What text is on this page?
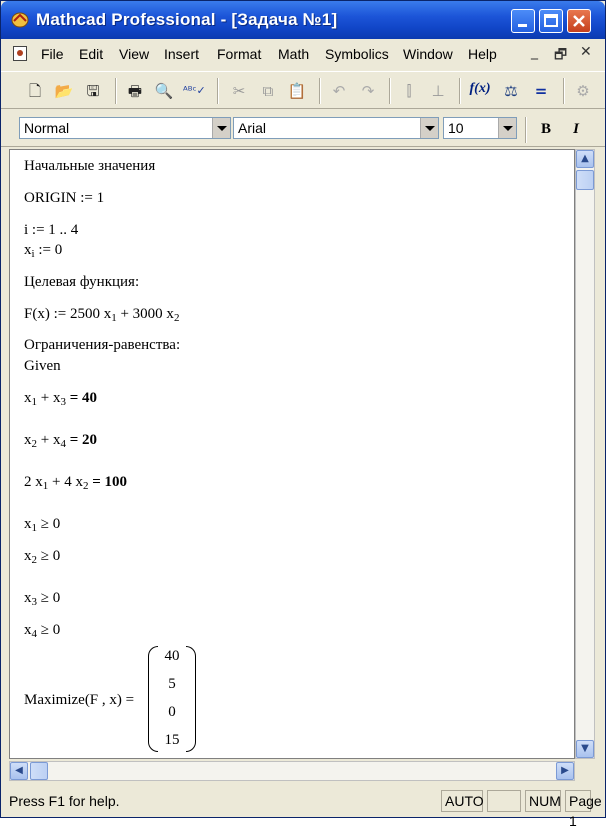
Mathcad Professional - [Задача №1]
File Edit View Insert Format Math Symbolics Window Help _ 🗗 ✕
🗋 📂 🖫 🖶 🔍 ᴬᴮᶜ✓ ✂	⧉ 📋 ↶ ↷	⫿	⊥ f(x) ⚖ = ⚙
Normal	Arial	10	B	I
Начальные значения
ORIGIN := 1
i := 1 .. 4
$x_i$ := 0
Целевая функция:
F(x) := 2500 $x_1 + 3000$ $x_2$
Ограничения-равенства:
Given
$x_1 + x_3 = 40$
$x_2 + x_4 = 20$
2 $x_1 + 4$ $x_2 = 100$
$x_1 \ge 0$
$x_2 \ge 0$
$x_3 \ge 0$
$x_4 \ge 0$
Maximize(F , x) =
40
5
0
15
▲
▼
◀	▶
Press F1 for help.	AUTO	NUM Page 1
